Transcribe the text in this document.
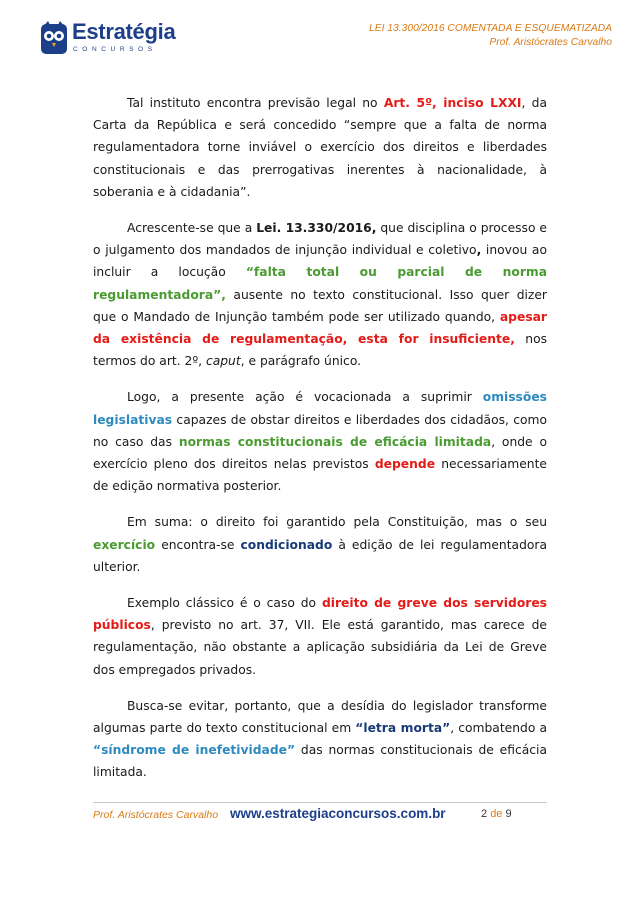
Estratégia
CONCURSOS
LEI 13.300/2016 COMENTADA E ESQUEMATIZADA
Prof. Aristócrates Carvalho

Tal instituto encontra previsão legal no Art. 5º, inciso LXXI, da Carta da República e será concedido “sempre que a falta de norma regulamentadora torne inviável o exercício dos direitos e liberdades constitucionais e das prerrogativas inerentes à nacionalidade, à soberania e à cidadania”.

Acrescente-se que a Lei. 13.330/2016, que disciplina o processo e o julgamento dos mandados de injunção individual e coletivo, inovou ao incluir a locução “falta total ou parcial de norma regulamentadora”, ausente no texto constitucional. Isso quer dizer que o Mandado de Injunção também pode ser utilizado quando, apesar da existência de regulamentação, esta for insuficiente, nos termos do art. 2º, caput, e parágrafo único.

Logo, a presente ação é vocacionada a suprimir omissões legislativas capazes de obstar direitos e liberdades dos cidadãos, como no caso das normas constitucionais de eficácia limitada, onde o exercício pleno dos direitos nelas previstos depende necessariamente de edição normativa posterior.

Em suma: o direito foi garantido pela Constituição, mas o seu exercício encontra-se condicionado à edição de lei regulamentadora ulterior.

Exemplo clássico é o caso do direito de greve dos servidores públicos, previsto no art. 37, VII. Ele está garantido, mas carece de regulamentação, não obstante a aplicação subsidiária da Lei de Greve dos empregados privados.

Busca-se evitar, portanto, que a desídia do legislador transforme algumas parte do texto constitucional em “letra morta”, combatendo a “síndrome de inefetividade” das normas constitucionais de eficácia limitada.

Prof. Aristócrates Carvalho www.estrategiaconcursos.com.br	2 de 9
